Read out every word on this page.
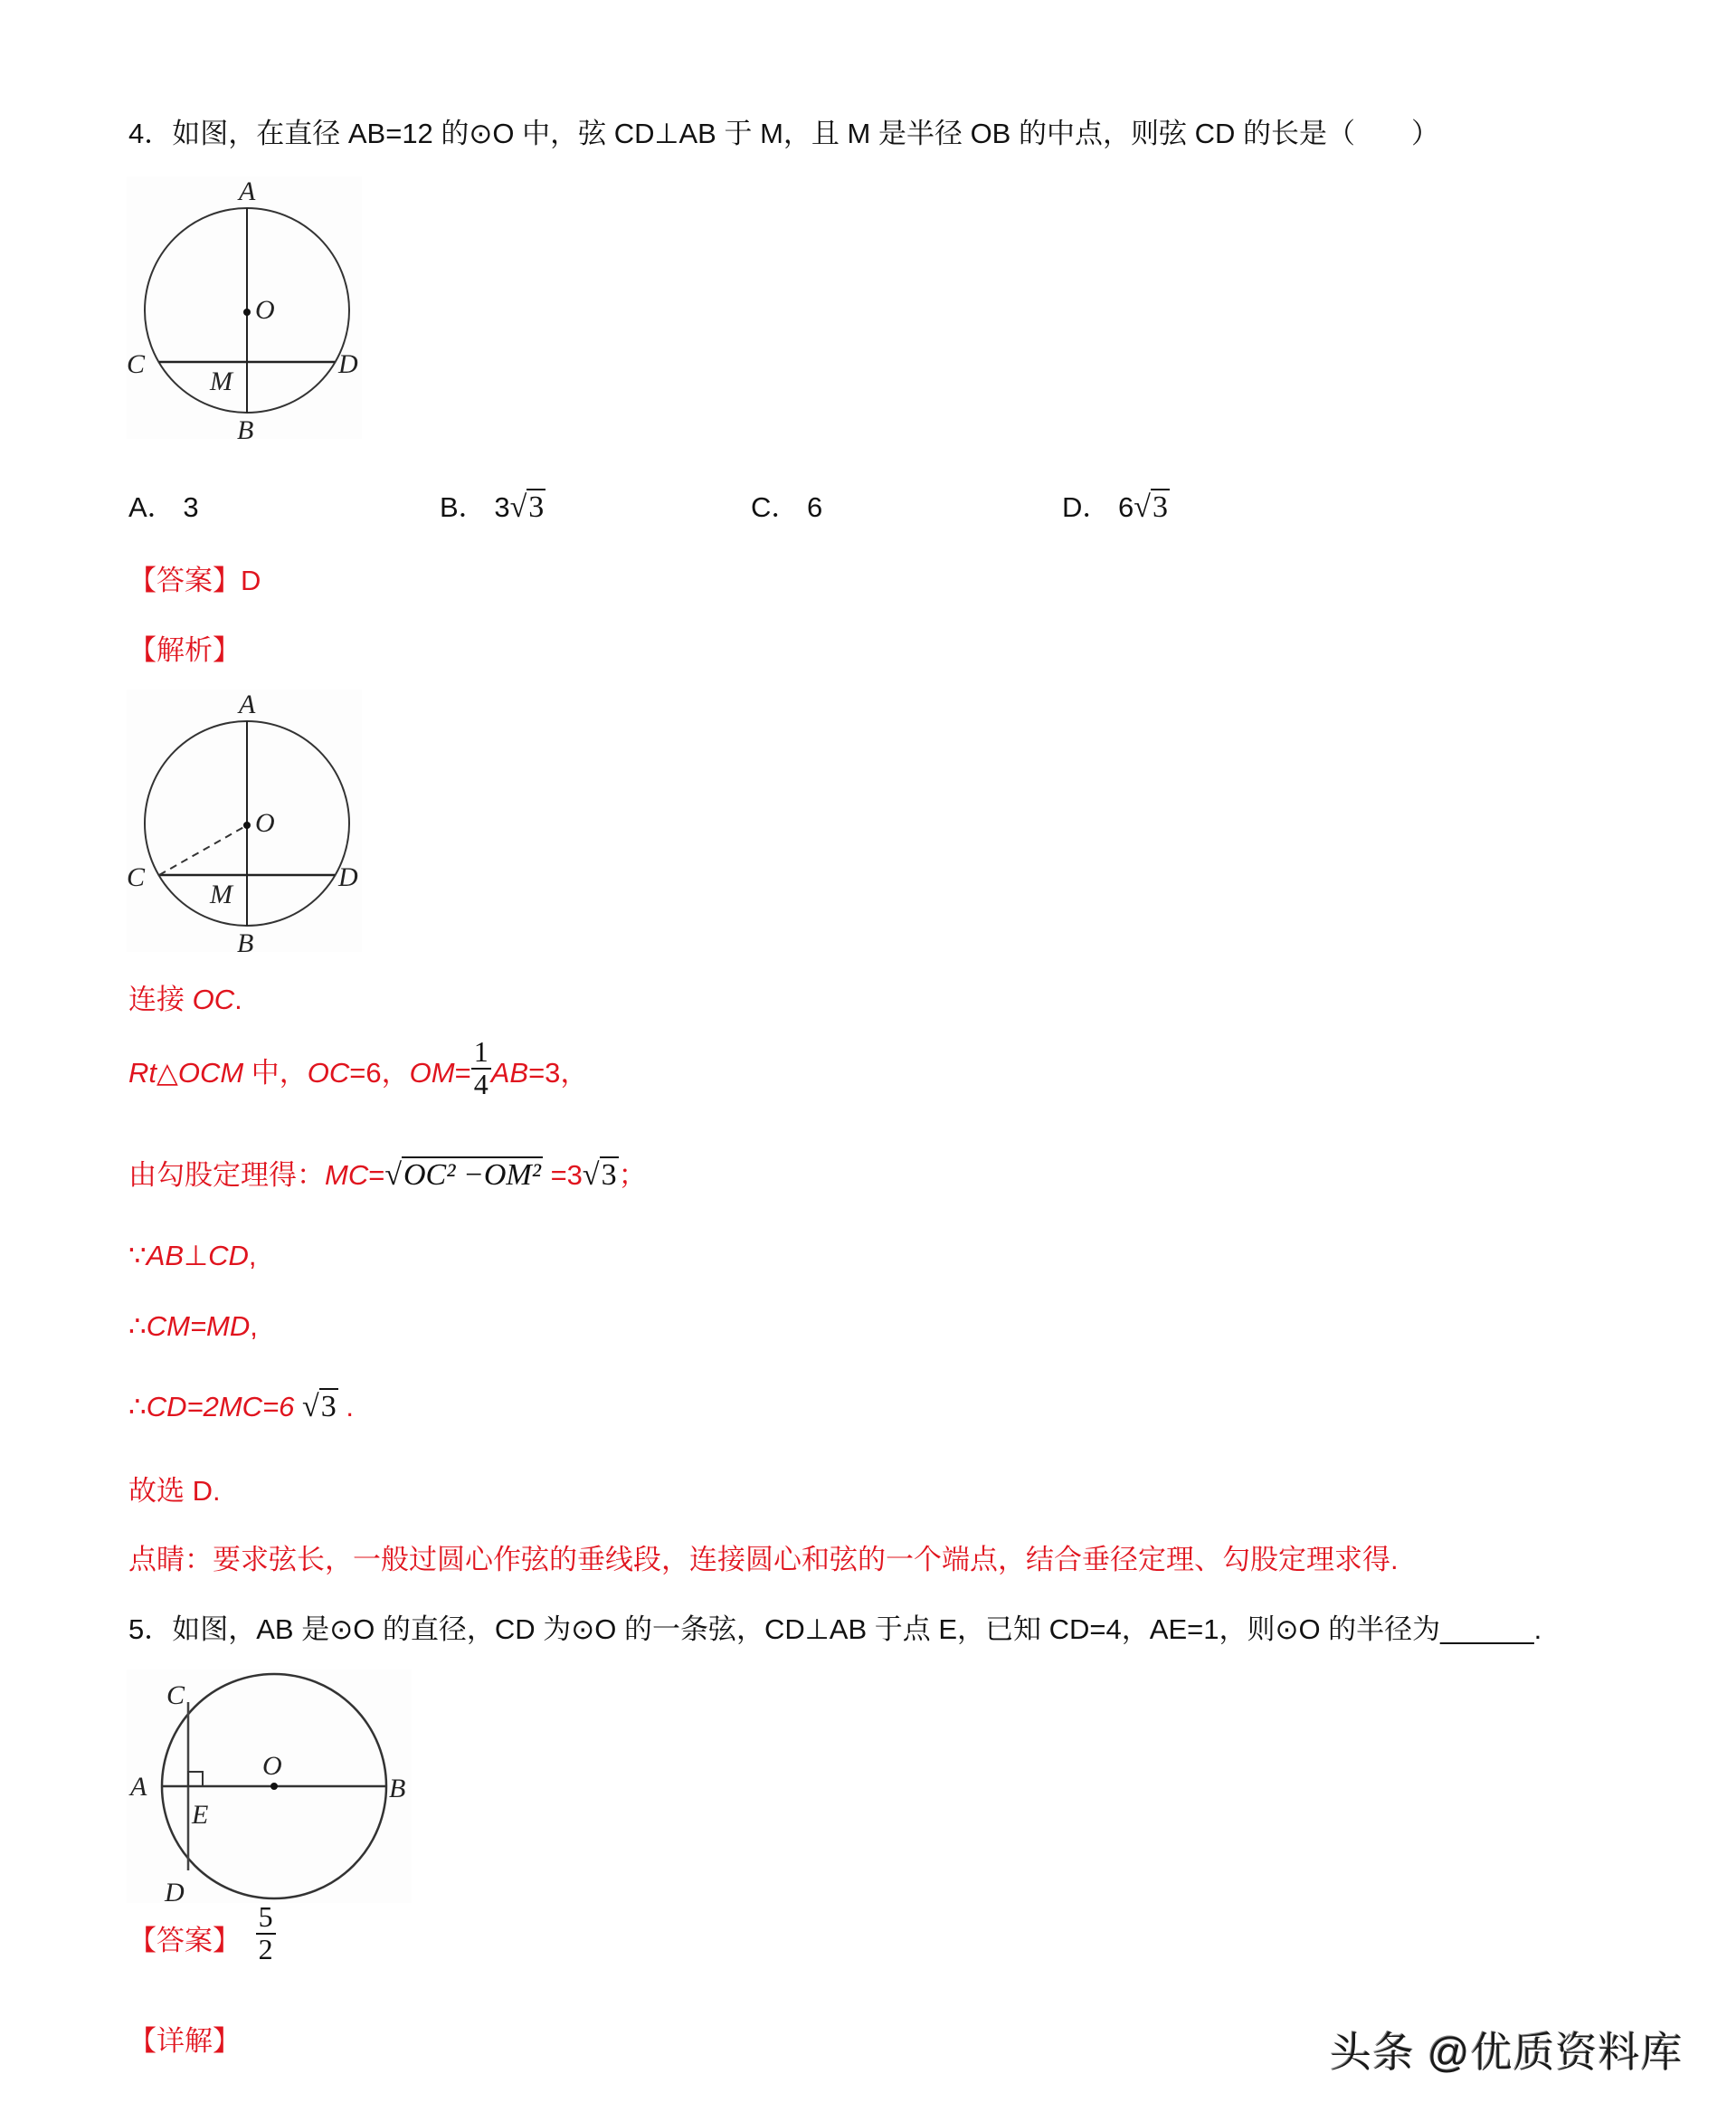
4．如图，在直径 AB=12 的⊙O 中，弦 CD⊥AB 于 M，且 M 是半径 OB 的中点，则弦 CD 的长是（　　）
A
O
C	D
M
B
A． 3	B． 3√3	C． 6	D． 6√3
【答案】D
【解析】
A
O
C	D
M
B
连接 OC.
Rt△OCM 中，OC=6，$OM= \frac{1}{4} AB=3$，
由勾股定理得：MC=√OC² −OM² =3√3；
∵AB⊥CD,
∴CM=MD,
∴CD=2MC=6 √3 .
故选 D.
点睛：要求弦长，一般过圆心作弦的垂线段，连接圆心和弦的一个端点，结合垂径定理、勾股定理求得.
5．如图，AB 是⊙O 的直径，CD 为⊙O 的一条弦，CD⊥AB 于点 E，已知 CD=4，AE=1，则⊙O 的半径为______.
C
A
O
B
E
D
【答案】 $\frac{5}{2}$
【详解】	头条 @优质资料库
